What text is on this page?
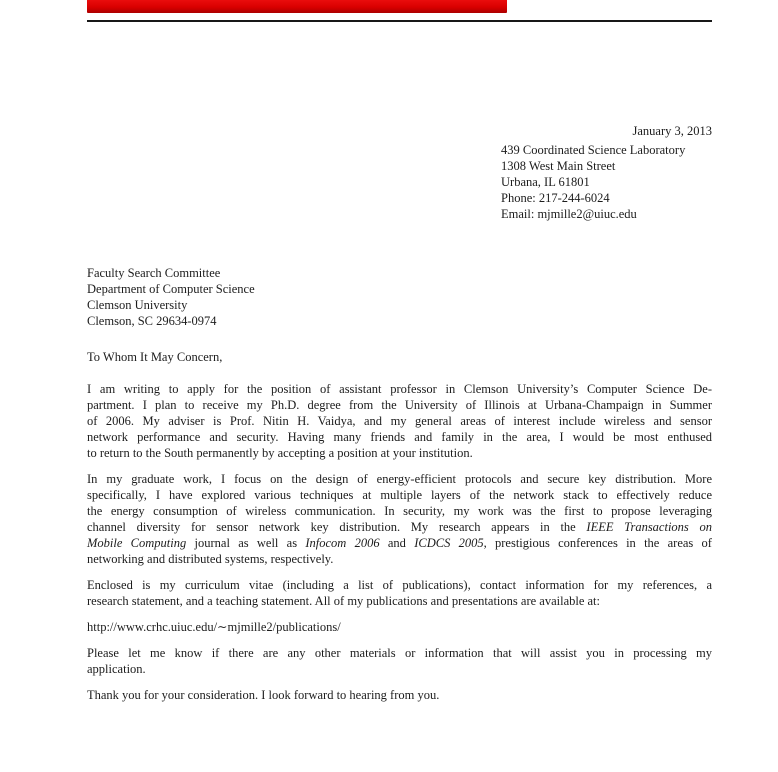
January 3, 2013
439 Coordinated Science Laboratory
1308 West Main Street
Urbana, IL 61801
Phone: 217-244-6024
Email: mjmille2@uiuc.edu
Faculty Search Committee
Department of Computer Science
Clemson University
Clemson, SC 29634-0974
To Whom It May Concern,
I am writing to apply for the position of assistant professor in Clemson University’s Computer Science De-
partment. I plan to receive my Ph.D. degree from the University of Illinois at Urbana-Champaign in Summer
of 2006. My adviser is Prof. Nitin H. Vaidya, and my general areas of interest include wireless and sensor
network performance and security. Having many friends and family in the area, I would be most enthused
to return to the South permanently by accepting a position at your institution.
In my graduate work, I focus on the design of energy-efficient protocols and secure key distribution. More
specifically, I have explored various techniques at multiple layers of the network stack to effectively reduce
the energy consumption of wireless communication. In security, my work was the first to propose leveraging
channel diversity for sensor network key distribution. My research appears in the IEEE Transactions on
Mobile Computing journal as well as Infocom 2006 and ICDCS 2005, prestigious conferences in the areas of
networking and distributed systems, respectively.
Enclosed is my curriculum vitae (including a list of publications), contact information for my references, a
research statement, and a teaching statement. All of my publications and presentations are available at:
http://www.crhc.uiuc.edu/∼mjmille2/publications/
Please let me know if there are any other materials or information that will assist you in processing my
application.
Thank you for your consideration. I look forward to hearing from you.
